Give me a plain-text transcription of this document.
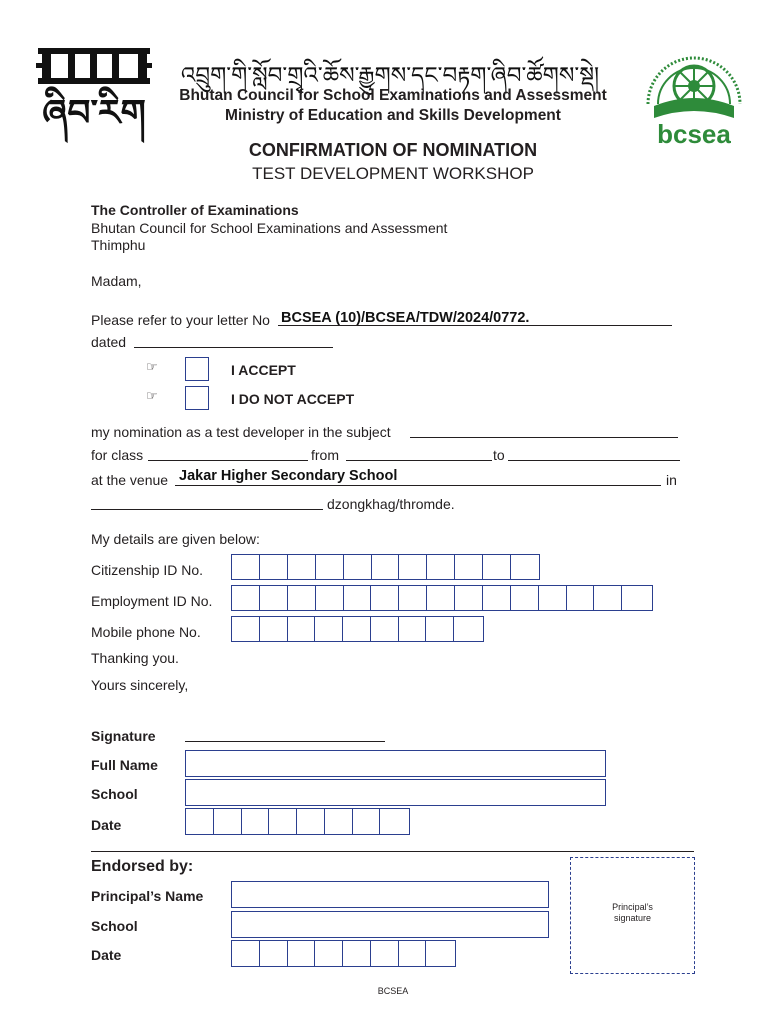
ཞིབ་རིག
འབྲུག་གི་སློབ་གྲྭའི་ཆོས་རྒྱུགས་དང་བརྟག་ཞིབ་ཚོགས་སྡེ།
Bhutan Council for School Examinations and Assessment
Ministry of Education and Skills Development
bcsea
CONFIRMATION OF NOMINATION
TEST DEVELOPMENT WORKSHOP
The Controller of Examinations
Bhutan Council for School Examinations and Assessment
Thimphu
Madam,
Please refer to your letter No BCSEA (10)/BCSEA/TDW/2024/0772.
dated
☞	I ACCEPT
☞	I DO NOT ACCEPT
my nomination as a test developer in the subject
for class	from	to
at the venue Jakar Higher Secondary School	in
dzongkhag/thromde.
My details are given below:
Citizenship ID No.
Employment ID No.
Mobile phone No.
Thanking you.
Yours sincerely,
Signature
Full Name
School
Date
Endorsed by:
Principal’s Name
School
Date
Principal’s signature
BCSEA
